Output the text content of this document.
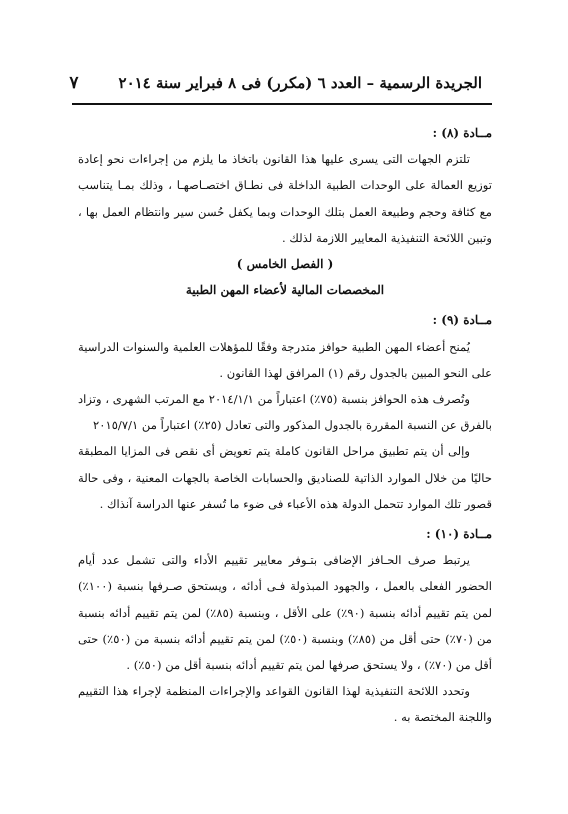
الجريدة الرسمية – العدد ٦ (مكرر) فى ٨ فبراير سنة ٢٠١٤
٧

مــادة (٨) :

تلتزم الجهات التى يسرى عليها هذا القانون باتخاذ ما يلزم من إجراءات نحو إعادة توزيع العمالة على الوحدات الطبية الداخلة فى نطـاق اختصـاصهـا ، وذلك بمـا يتناسب مع كثافة وحجم وطبيعة العمل بتلك الوحدات وبما يكفل حُسن سير وانتظام العمل بها ، وتبين اللائحة التنفيذية المعايير اللازمة لذلك .

( الفصل الخامس )

المخصصات المالية لأعضاء المهن الطبية

مــادة (٩) :

يُمنح أعضاء المهن الطبية حوافز متدرجة وفقًا للمؤهلات العلمية والسنوات الدراسية على النحو المبين بالجدول رقم (١) المرافق لهذا القانون .

وتُصرف هذه الحوافز بنسبة (٧٥٪) اعتباراً من ٢٠١٤/١/١ مع المرتب الشهرى ، وتزاد بالفرق عن النسبة المقررة بالجدول المذكور والتى تعادل (٢٥٪) اعتباراً من ٢٠١٥/٧/١

وإلى أن يتم تطبيق مراحل القانون كاملة يتم تعويض أى نقص فى المزايا المطبقة حاليًا من خلال الموارد الذاتية للصناديق والحسابات الخاصة بالجهات المعنية ، وفى حالة قصور تلك الموارد تتحمل الدولة هذه الأعباء فى ضوء ما تُسفر عنها الدراسة آنذاك .

مــادة (١٠) :

يرتبط صرف الحـافز الإضافى بتـوفر معايير تقييم الأداء والتى تشمل عدد أيام الحضور الفعلى بالعمل ، والجهود المبذولة فـى أدائه ، ويستحق صـرفها بنسبة (١٠٠٪) لمن يتم تقييم أدائه بنسبة (٩٠٪) على الأقل ، وبنسبة (٨٥٪) لمن يتم تقييم أدائه بنسبة من (٧٠٪) حتى أقل من (٨٥٪) وبنسبة (٥٠٪) لمن يتم تقييم أدائه بنسبة من (٥٠٪) حتى أقل من (٧٠٪) ، ولا يستحق صرفها لمن يتم تقييم أدائه بنسبة أقل من (٥٠٪) .

وتحدد اللائحة التنفيذية لهذا القانون القواعد والإجراءات المنظمة لإجراء هذا التقييم واللجنة المختصة به .
